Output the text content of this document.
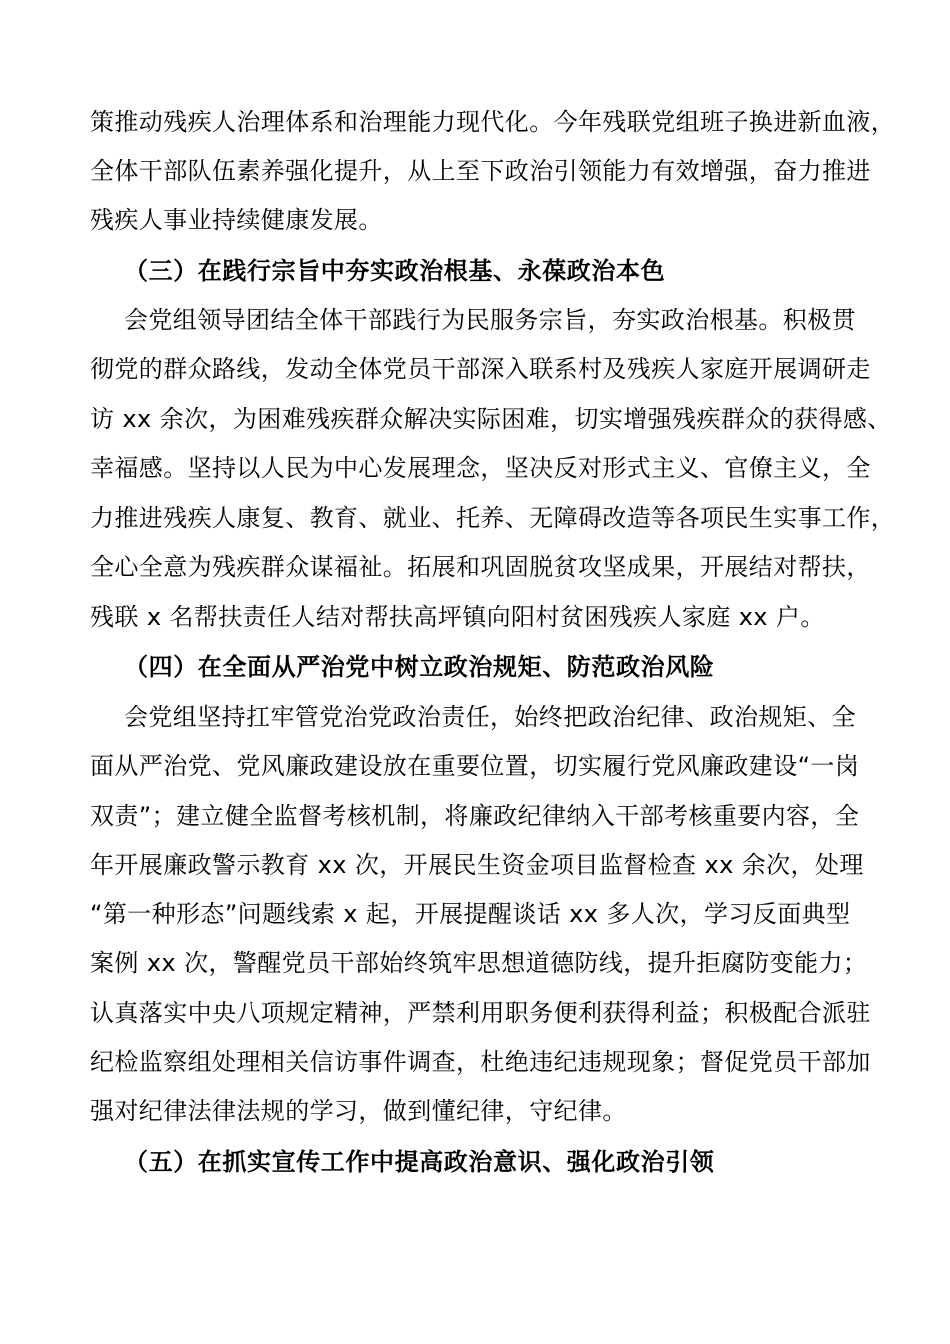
策推动残疾人治理体系和治理能力现代化。今年残联党组班子换进新血液，
全体干部队伍素养强化提升，从上至下政治引领能力有效增强，奋力推进
残疾人事业持续健康发展。
（三）在践行宗旨中夯实政治根基、永葆政治本色
会党组领导团结全体干部践行为民服务宗旨，夯实政治根基。积极贯
彻党的群众路线，发动全体党员干部深入联系村及残疾人家庭开展调研走
访 xx 余次，为困难残疾群众解决实际困难，切实增强残疾群众的获得感、
幸福感。坚持以人民为中心发展理念，坚决反对形式主义、官僚主义，全
力推进残疾人康复、教育、就业、托养、无障碍改造等各项民生实事工作，
全心全意为残疾群众谋福祉。拓展和巩固脱贫攻坚成果，开展结对帮扶，
残联 x 名帮扶责任人结对帮扶高坪镇向阳村贫困残疾人家庭 xx 户。
（四）在全面从严治党中树立政治规矩、防范政治风险
会党组坚持扛牢管党治党政治责任，始终把政治纪律、政治规矩、全
面从严治党、党风廉政建设放在重要位置，切实履行党风廉政建设“一岗
双责”；建立健全监督考核机制，将廉政纪律纳入干部考核重要内容，全
年开展廉政警示教育 xx 次，开展民生资金项目监督检查 xx 余次，处理
“第一种形态”问题线索 x 起，开展提醒谈话 xx 多人次，学习反面典型
案例 xx 次，警醒党员干部始终筑牢思想道德防线，提升拒腐防变能力；
认真落实中央八项规定精神，严禁利用职务便利获得利益；积极配合派驻
纪检监察组处理相关信访事件调查，杜绝违纪违规现象；督促党员干部加
强对纪律法律法规的学习，做到懂纪律，守纪律。
（五）在抓实宣传工作中提高政治意识、强化政治引领
